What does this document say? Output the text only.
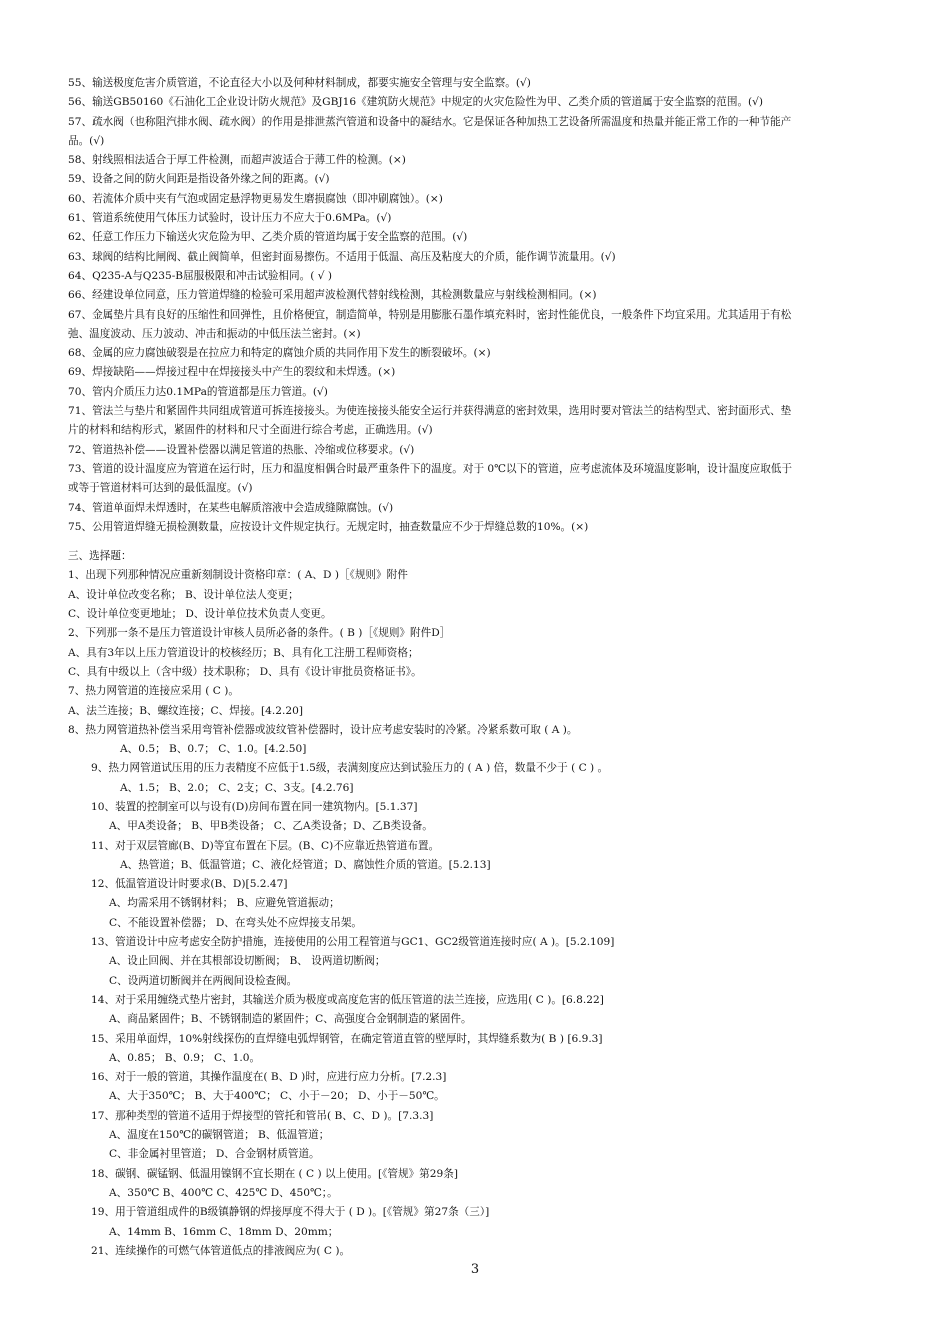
55、输送极度危害介质管道，不论直径大小以及何种材料制成，都要实施安全管理与安全监察。(√)
56、输送GB50160《石油化工企业设计防火规范》及GBJ16《建筑防火规范》中规定的火灾危险性为甲、乙类介质的管道属于安全监察的范围。(√)
57、疏水阀（也称阻汽排水阀、疏水阀）的作用是排泄蒸汽管道和设备中的凝结水。它是保证各种加热工艺设备所需温度和热量并能正常工作的一种节能产
品。(√)
58、射线照相法适合于厚工件检测，而超声波适合于薄工件的检测。(×)
59、设备之间的防火间距是指设备外缘之间的距离。(√)
60、若流体介质中夹有气泡或固定悬浮物更易发生磨损腐蚀（即冲刷腐蚀）。(×)
61、管道系统使用气体压力试验时，设计压力不应大于0.6MPa。(√)
62、任意工作压力下输送火灾危险为甲、乙类介质的管道均属于安全监察的范围。(√)
63、球阀的结构比闸阀、截止阀简单，但密封面易擦伤。不适用于低温、高压及粘度大的介质，能作调节流量用。(√)
64、Q235-A与Q235-B屈服极限和冲击试验相同。( √ )
66、经建设单位同意，压力管道焊缝的检验可采用超声波检测代替射线检测，其检测数量应与射线检测相同。(×)
67、金属垫片具有良好的压缩性和回弹性，且价格便宜，制造简单，特别是用膨胀石墨作填充料时，密封性能优良，一般条件下均宜采用。尤其适用于有松
弛、温度波动、压力波动、冲击和振动的中低压法兰密封。(×)
68、金属的应力腐蚀破裂是在拉应力和特定的腐蚀介质的共同作用下发生的断裂破坏。(×)
69、焊接缺陷——焊接过程中在焊接接头中产生的裂纹和未焊透。(×)
70、管内介质压力达0.1MPa的管道都是压力管道。(√)
71、管法兰与垫片和紧固件共同组成管道可拆连接接头。为使连接接头能安全运行并获得满意的密封效果，选用时要对管法兰的结构型式、密封面形式、垫
片的材料和结构形式，紧固件的材料和尺寸全面进行综合考虑，正确选用。(√)
72、管道热补偿——设置补偿器以满足管道的热胀、冷缩或位移要求。(√)
73、管道的设计温度应为管道在运行时，压力和温度相偶合时最严重条件下的温度。对于 0℃以下的管道，应考虑流体及环境温度影响，设计温度应取低于
或等于管道材料可达到的最低温度。(√)
74、管道单面焊未焊透时，在某些电解质溶液中会造成缝隙腐蚀。(√)
75、公用管道焊缝无损检测数量，应按设计文件规定执行。无规定时，抽查数量应不少于焊缝总数的10%。(×)
三、选择题：
1、出现下列那种情况应重新刻制设计资格印章：( A、D )［《规则》附件
A、设计单位改变名称； B、设计单位法人变更；
C、设计单位变更地址； D、设计单位技术负责人变更。
2、下列那一条不是压力管道设计审核人员所必备的条件。( B )［《规则》附件D］
A、具有3年以上压力管道设计的校核经历；B、具有化工注册工程师资格；
C、具有中级以上（含中级）技术职称； D、具有《设计审批员资格证书》。
7、热力网管道的连接应采用 ( C )。
A、法兰连接；B、螺纹连接；C、焊接。[4.2.20]
8、热力网管道热补偿当采用弯管补偿器或波纹管补偿器时，设计应考虑安装时的冷紧。冷紧系数可取 ( A )。
A、0.5； B、0.7； C、1.0。[4.2.50]
9、热力网管道试压用的压力表精度不应低于1.5级，表满刻度应达到试验压力的 ( A ) 倍，数量不少于 ( C ) 。
A、1.5； B、2.0； C、2支；C、3支。[4.2.76]
10、装置的控制室可以与设有(D)房间布置在同一建筑物内。[5.1.37]
A、甲A类设备； B、甲B类设备； C、乙A类设备；D、乙B类设备。
11、对于双层管廊(B、D)等宜布置在下层。(B、C)不应靠近热管道布置。
A、热管道；B、低温管道；C、液化烃管道；D、腐蚀性介质的管道。[5.2.13]
12、低温管道设计时要求(B、D)[5.2.47]
A、均需采用不锈钢材料； B、应避免管道振动；
C、不能设置补偿器； D、在弯头处不应焊接支吊架。
13、管道设计中应考虑安全防护措施，连接使用的公用工程管道与GC1、GC2级管道连接时应( A )。[5.2.109]
A、设止回阀、并在其根部设切断阀； B、 设两道切断阀；
C、设两道切断阀并在两阀间设检查阀。
14、对于采用缠绕式垫片密封，其输送介质为极度或高度危害的低压管道的法兰连接，应选用( C )。[6.8.22]
A、商品紧固件；B、不锈钢制造的紧固件；C、高强度合金钢制造的紧固件。
15、采用单面焊，10%射线探伤的直焊缝电弧焊钢管，在确定管道直管的壁厚时，其焊缝系数为( B ) [6.9.3]
A、0.85； B、0.9； C、1.0。
16、对于一般的管道，其操作温度在( B、D )时，应进行应力分析。[7.2.3]
A、大于350℃； B、大于400℃； C、小于－20； D、小于－50℃。
17、那种类型的管道不适用于焊接型的管托和管吊( B、C、D )。[7.3.3]
A、温度在150℃的碳钢管道； B、低温管道；
C、非金属衬里管道； D、合金钢材质管道。
18、碳钢、碳锰钢、低温用镍钢不宜长期在 ( C ) 以上使用。[《管规》第29条]
A、350℃ B、400℃ C、425℃ D、450℃；。
19、用于管道组成件的B级镇静钢的焊接厚度不得大于 ( D )。[《管规》第27条（三）]
A、14mm B、16mm C、18mm D、20mm；
21、连续操作的可燃气体管道低点的排液阀应为( C )。
3
